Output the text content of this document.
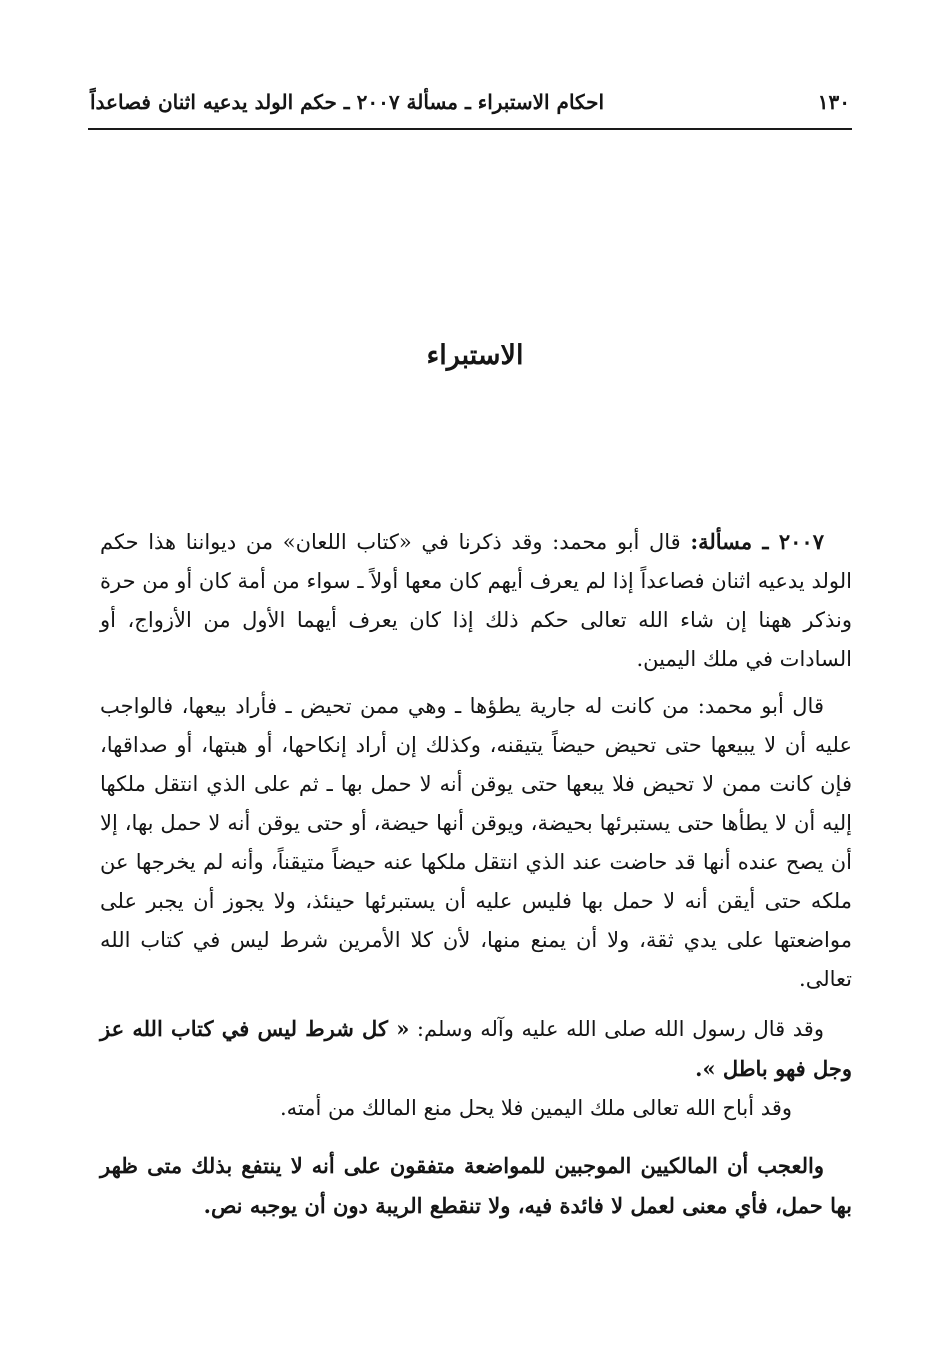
١٣٠
احكام الاستبراء ـ مسألة ٢٠٠٧ ـ حكم الولد يدعيه اثنان فصاعداً
الاستبراء

٢٠٠٧ ـ مسألة: قال أبو محمد: وقد ذكرنا في «كتاب اللعان» من ديواننا هذا حكم الولد يدعيه اثنان فصاعداً إذا لم يعرف أيهم كان معها أولاً ـ سواء من أمة كان أو من حرة ونذكر ههنا إن شاء الله تعالى حكم ذلك إذا كان يعرف أيهما الأول من الأزواج، أو السادات في ملك اليمين.

قال أبو محمد: من كانت له جارية يطؤها ـ وهي ممن تحيض ـ فأراد بيعها، فالواجب عليه أن لا يبيعها حتى تحيض حيضاً يتيقنه، وكذلك إن أراد إنكاحها، أو هبتها، أو صداقها، فإن كانت ممن لا تحيض فلا يبعها حتى يوقن أنه لا حمل بها ـ ثم على الذي انتقل ملكها إليه أن لا يطأها حتى يستبرئها بحيضة، ويوقن أنها حيضة، أو حتى يوقن أنه لا حمل بها، إلا أن يصح عنده أنها قد حاضت عند الذي انتقل ملكها عنه حيضاً متيقناً، وأنه لم يخرجها عن ملكه حتى أيقن أنه لا حمل بها فليس عليه أن يستبرئها حينئذ، ولا يجوز أن يجبر على مواضعتها على يدي ثقة، ولا أن يمنع منها، لأن كلا الأمرين شرط ليس في كتاب الله تعالى.

وقد قال رسول الله صلى الله عليه وآله وسلم: « كل شرط ليس في كتاب الله عز وجل فهو باطل ».

وقد أباح الله تعالى ملك اليمين فلا يحل منع المالك من أمته.

والعجب أن المالكيين الموجبين للمواضعة متفقون على أنه لا ينتفع بذلك متى ظهر بها حمل، فأي معنى لعمل لا فائدة فيه، ولا تنقطع الريبة دون أن يوجبه نص.
